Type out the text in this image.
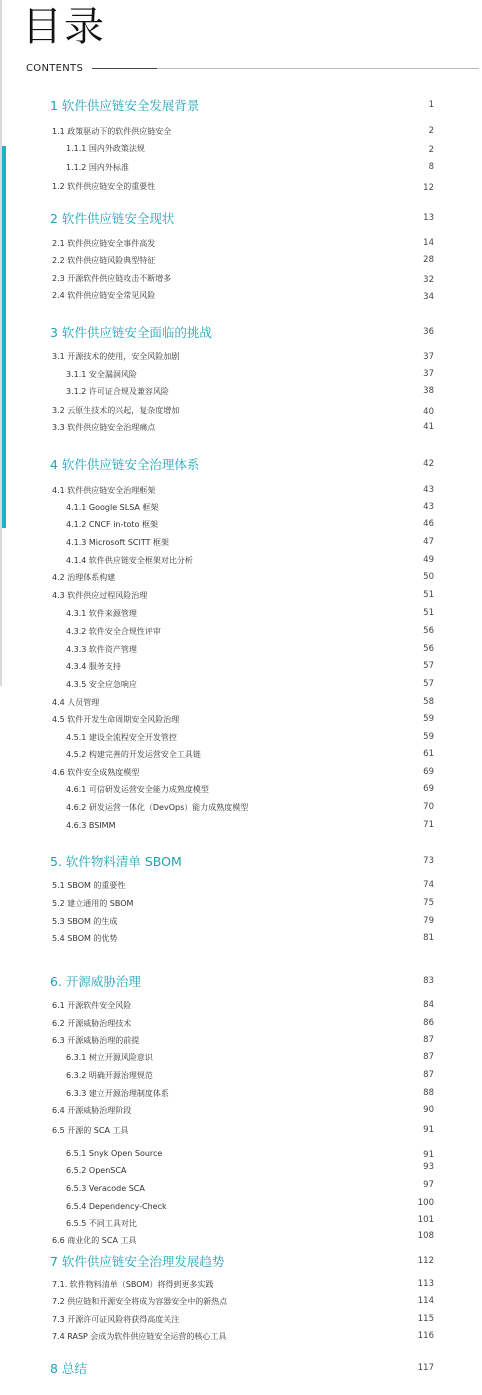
目录
CONTENTS
1 软件供应链安全发展背景	1
1.1 政策驱动下的软件供应链安全	2
1.1.1 国内外政策法规	2
1.1.2 国内外标准	8
1.2 软件供应链安全的重要性	12
2 软件供应链安全现状	13
2.1 软件供应链安全事件高发	14
2.2 软件供应链风险典型特征	28
2.3 开源软件供应链攻击不断增多	32
2.4 软件供应链安全常见风险	34
3 软件供应链安全面临的挑战	36
3.1 开源技术的使用，安全风险加剧	37
3.1.1 安全漏洞风险	37
3.1.2 许可证合规及兼容风险	38
3.2 云原生技术的兴起，复杂度增加	40
3.3 软件供应链安全治理痛点	41
4 软件供应链安全治理体系	42
4.1 软件供应链安全治理框架	43
4.1.1 Google SLSA 框架	43
4.1.2 CNCF in-toto 框架	46
4.1.3 Microsoft SCITT 框架	47
4.1.4 软件供应链安全框架对比分析	49
4.2 治理体系构建	50
4.3 软件供应过程风险治理	51
4.3.1 软件来源管理	51
4.3.2 软件安全合规性评审	56
4.3.3 软件资产管理	56
4.3.4 服务支持	57
4.3.5 安全应急响应	57
4.4 人员管理	58
4.5 软件开发生命周期安全风险治理	59
4.5.1 建设全流程安全开发管控	59
4.5.2 构建完善的开发运营安全工具链	61
4.6 软件安全成熟度模型	69
4.6.1 可信研发运营安全能力成熟度模型	69
4.6.2 研发运营一体化（DevOps）能力成熟度模型	70
4.6.3 BSIMM	71
5. 软件物料清单 SBOM	73
5.1 SBOM 的重要性	74
5.2 建立通用的 SBOM	75
5.3 SBOM 的生成	79
5.4 SBOM 的优势	81
6. 开源威胁治理	83
6.1 开源软件安全风险	84
6.2 开源威胁治理技术	86
6.3 开源威胁治理的前提	87
6.3.1 树立开源风险意识	87
6.3.2 明确开源治理规范	87
6.3.3 建立开源治理制度体系	88
6.4 开源威胁治理阶段	90
6.5 开源的 SCA 工具	91
6.5.1 Snyk Open Source	91
6.5.2 OpenSCA	93
6.5.3 Veracode SCA	97
6.5.4 Dependency-Check	100
6.5.5 不同工具对比	101
6.6 商业化的 SCA 工具	108
7 软件供应链安全治理发展趋势	112
7.1. 软件物料清单（SBOM）将得到更多实践	113
7.2 供应链和开源安全将成为容器安全中的新热点	114
7.3 开源许可证风险将获得高度关注	115
7.4 RASP 会成为软件供应链安全运营的核心工具	116
8 总结	117
